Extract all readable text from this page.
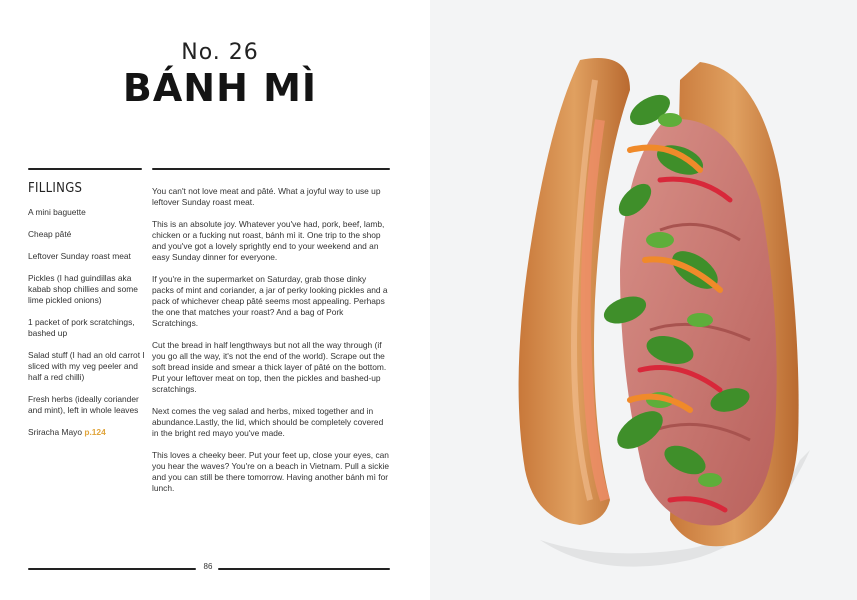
No. 26
BÁNH MÌ
FILLINGS
A mini baguette
Cheap pâté
Leftover Sunday roast meat
Pickles (I had guindillas aka kabab shop chillies and some lime pickled onions)
1 packet of pork scratchings, bashed up
Salad stuff (I had an old carrot I sliced with my veg peeler and half a red chilli)
Fresh herbs (ideally coriander and mint), left in whole leaves
Sriracha Mayo p.124

You can't not love meat and pâté. What a joyful way to use up leftover Sunday roast meat.

This is an absolute joy. Whatever you've had, pork, beef, lamb, chicken or a fucking nut roast, bánh mì it. One trip to the shop and you've got a lovely sprightly end to your weekend and an easy Sunday dinner for everyone.

If you're in the supermarket on Saturday, grab those dinky packs of mint and coriander, a jar of perky looking pickles and a pack of whichever cheap pâté seems most appealing. Perhaps the one that matches your roast? And a bag of Pork Scratchings.

Cut the bread in half lengthways but not all the way through (if you go all the way, it's not the end of the world). Scrape out the soft bread inside and smear a thick layer of pâté on the bottom. Put your leftover meat on top, then the pickles and bashed-up scratchings.

Next comes the veg salad and herbs, mixed together and in abundance.Lastly, the lid, which should be completely covered in the bright red mayo you've made.

This loves a cheeky beer. Put your feet up, close your eyes, can you hear the waves? You're on a beach in Vietnam. Pull a sickie and you can still be there tomorrow. Having another bánh mì for lunch.

86
